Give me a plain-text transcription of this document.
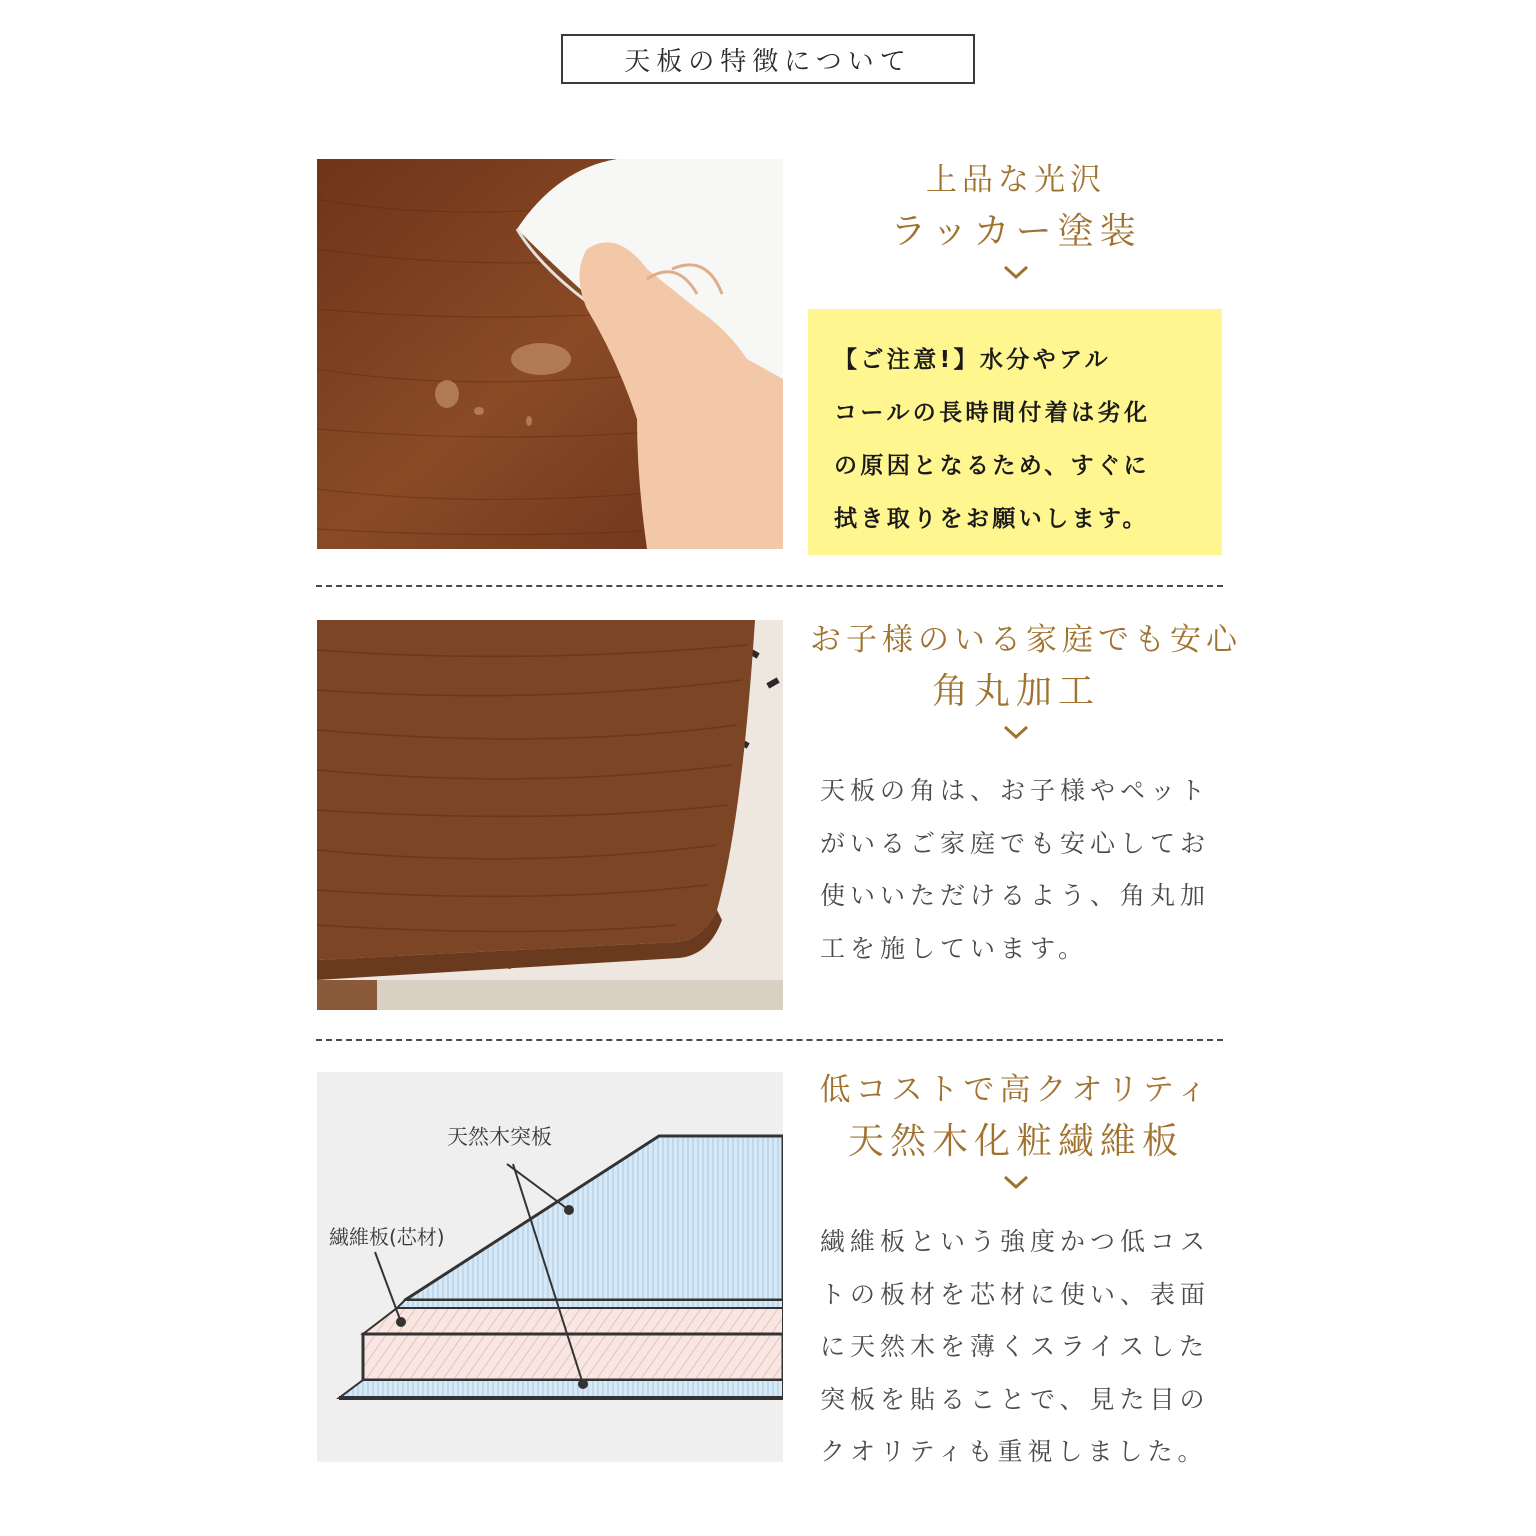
天板の特徴について
上品な光沢
ラッカー塗装

【ご注意!】水分やアル

コールの長時間付着は劣化

の原因となるため、すぐに

拭き取りをお願いします。

お子様のいる家庭でも安心
角丸加工

天板の角は、お子様やペット

がいるご家庭でも安心してお

使いいただけるよう、角丸加

工を施しています。

天然木突板
繊維板(芯材)
低コストで高クオリティ
天然木化粧繊維板

繊維板という強度かつ低コス

トの板材を芯材に使い、表面

に天然木を薄くスライスした

突板を貼ることで、見た目の

クオリティも重視しました。
